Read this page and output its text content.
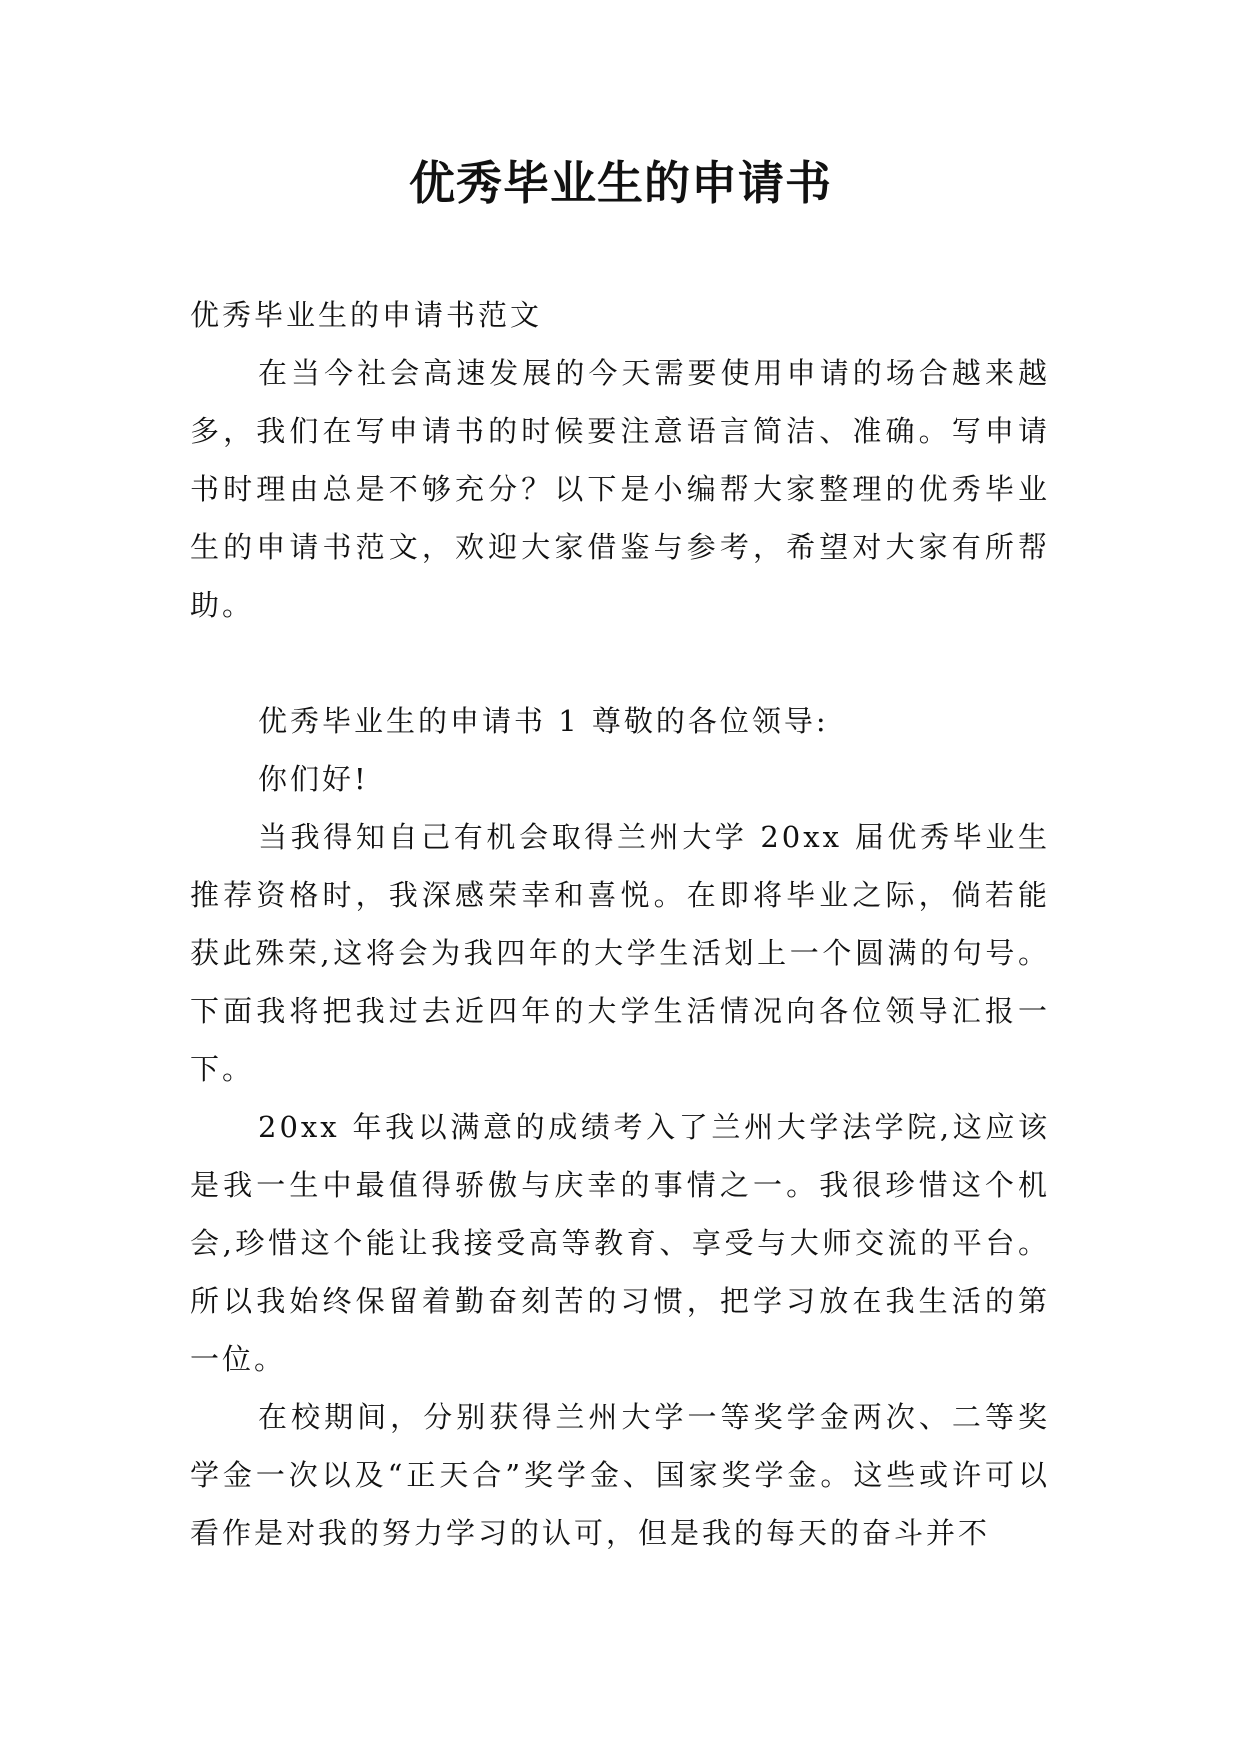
优秀毕业生的申请书

优秀毕业生的申请书范文

在当今社会高速发展的今天需要使用申请的场合越来越多，我们在写申请书的时候要注意语言简洁、准确。写申请书时理由总是不够充分？以下是小编帮大家整理的优秀毕业生的申请书范文，欢迎大家借鉴与参考，希望对大家有所帮助。

优秀毕业生的申请书 1 尊敬的各位领导:

你们好!

当我得知自己有机会取得兰州大学 20xx 届优秀毕业生推荐资格时，我深感荣幸和喜悦。在即将毕业之际，倘若能获此殊荣,这将会为我四年的大学生活划上一个圆满的句号。下面我将把我过去近四年的大学生活情况向各位领导汇报一下。

20xx 年我以满意的成绩考入了兰州大学法学院,这应该是我一生中最值得骄傲与庆幸的事情之一。我很珍惜这个机会,珍惜这个能让我接受高等教育、享受与大师交流的平台。所以我始终保留着勤奋刻苦的习惯，把学习放在我生活的第一位。

在校期间，分别获得兰州大学一等奖学金两次、二等奖学金一次以及“正天合”奖学金、国家奖学金。这些或许可以看作是对我的努力学习的认可，但是我的每天的奋斗并不
